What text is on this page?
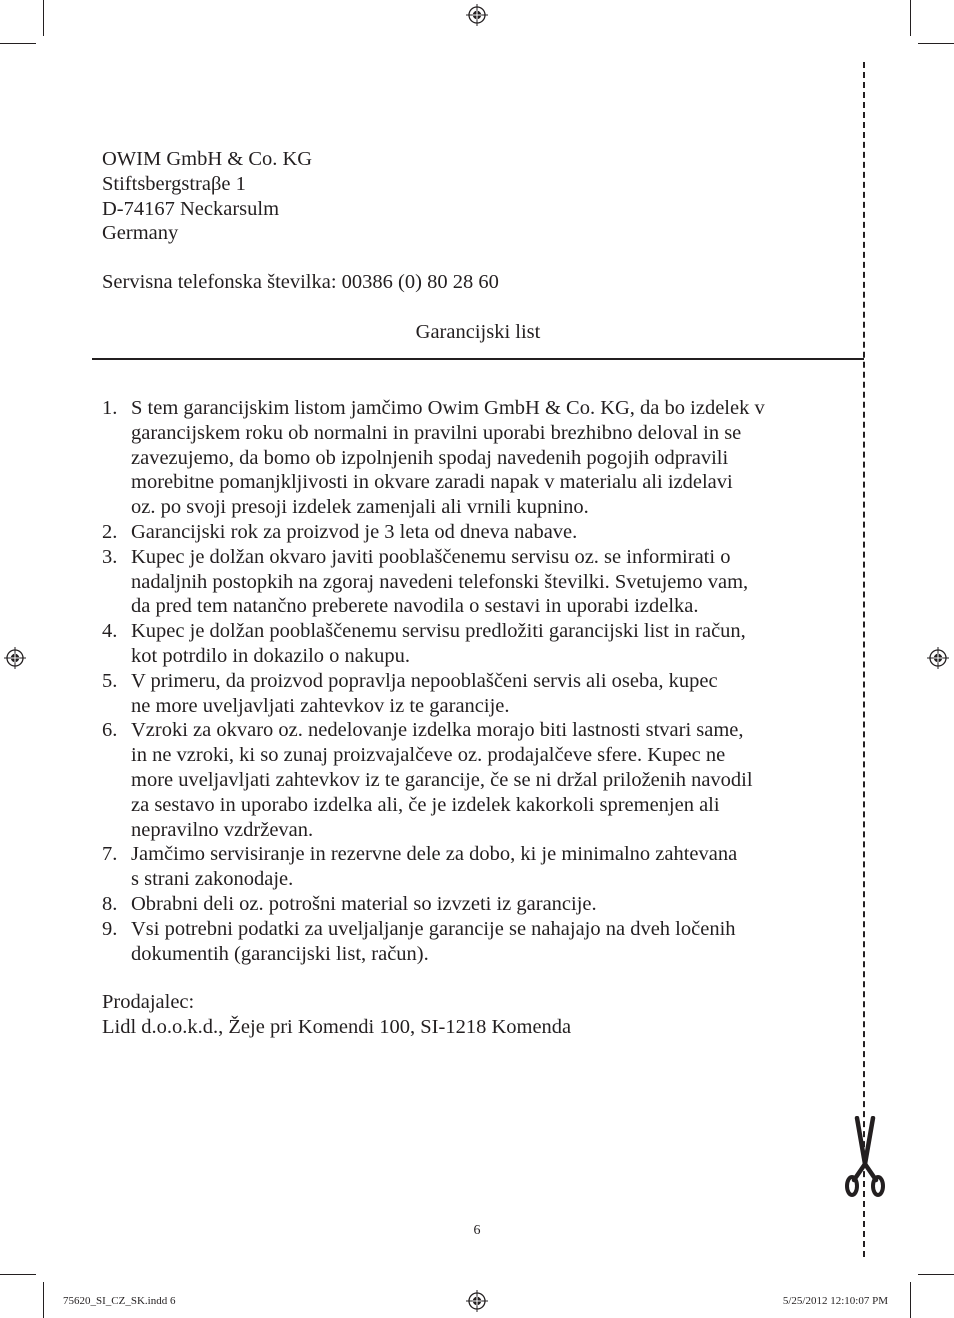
OWIM GmbH & Co. KG
Stiftsbergstraβe 1
D-74167 Neckarsulm
Germany
Servisna telefonska številka: 00386 (0) 80 28 60
Garancijski list
1. S tem garancijskim listom jamčimo Owim GmbH & Co. KG, da bo izdelek v
garancijskem roku ob normalni in pravilni uporabi brezhibno deloval in se
zavezujemo, da bomo ob izpolnjenih spodaj navedenih pogojih odpravili
morebitne pomanjkljivosti in okvare zaradi napak v materialu ali izdelavi
oz. po svoji presoji izdelek zamenjali ali vrnili kupnino.
2. Garancijski rok za proizvod je 3 leta od dneva nabave.
3. Kupec je dolžan okvaro javiti pooblaščenemu servisu oz. se informirati o
nadaljnih postopkih na zgoraj navedeni telefonski številki. Svetujemo vam,
da pred tem natančno preberete navodila o sestavi in uporabi izdelka.
4. Kupec je dolžan pooblaščenemu servisu predložiti garancijski list in račun,
kot potrdilo in dokazilo o nakupu.
5. V primeru, da proizvod popravlja nepooblaščeni servis ali oseba, kupec
ne more uveljavljati zahtevkov iz te garancije.
6. Vzroki za okvaro oz. nedelovanje izdelka morajo biti lastnosti stvari same,
in ne vzroki, ki so zunaj proizvajalčeve oz. prodajalčeve sfere. Kupec ne
more uveljavljati zahtevkov iz te garancije, če se ni držal priloženih navodil
za sestavo in uporabo izdelka ali, če je izdelek kakorkoli spremenjen ali
nepravilno vzdrževan.
7. Jamčimo servisiranje in rezervne dele za dobo, ki je minimalno zahtevana
s strani zakonodaje.
8. Obrabni deli oz. potrošni material so izvzeti iz garancije.
9. Vsi potrebni podatki za uveljaljanje garancije se nahajajo na dveh ločenih
dokumentih (garancijski list, račun).
Prodajalec:
Lidl d.o.o.k.d., Žeje pri Komendi 100, SI-1218 Komenda
6
75620_SI_CZ_SK.indd 6	5/25/2012 12:10:07 PM
